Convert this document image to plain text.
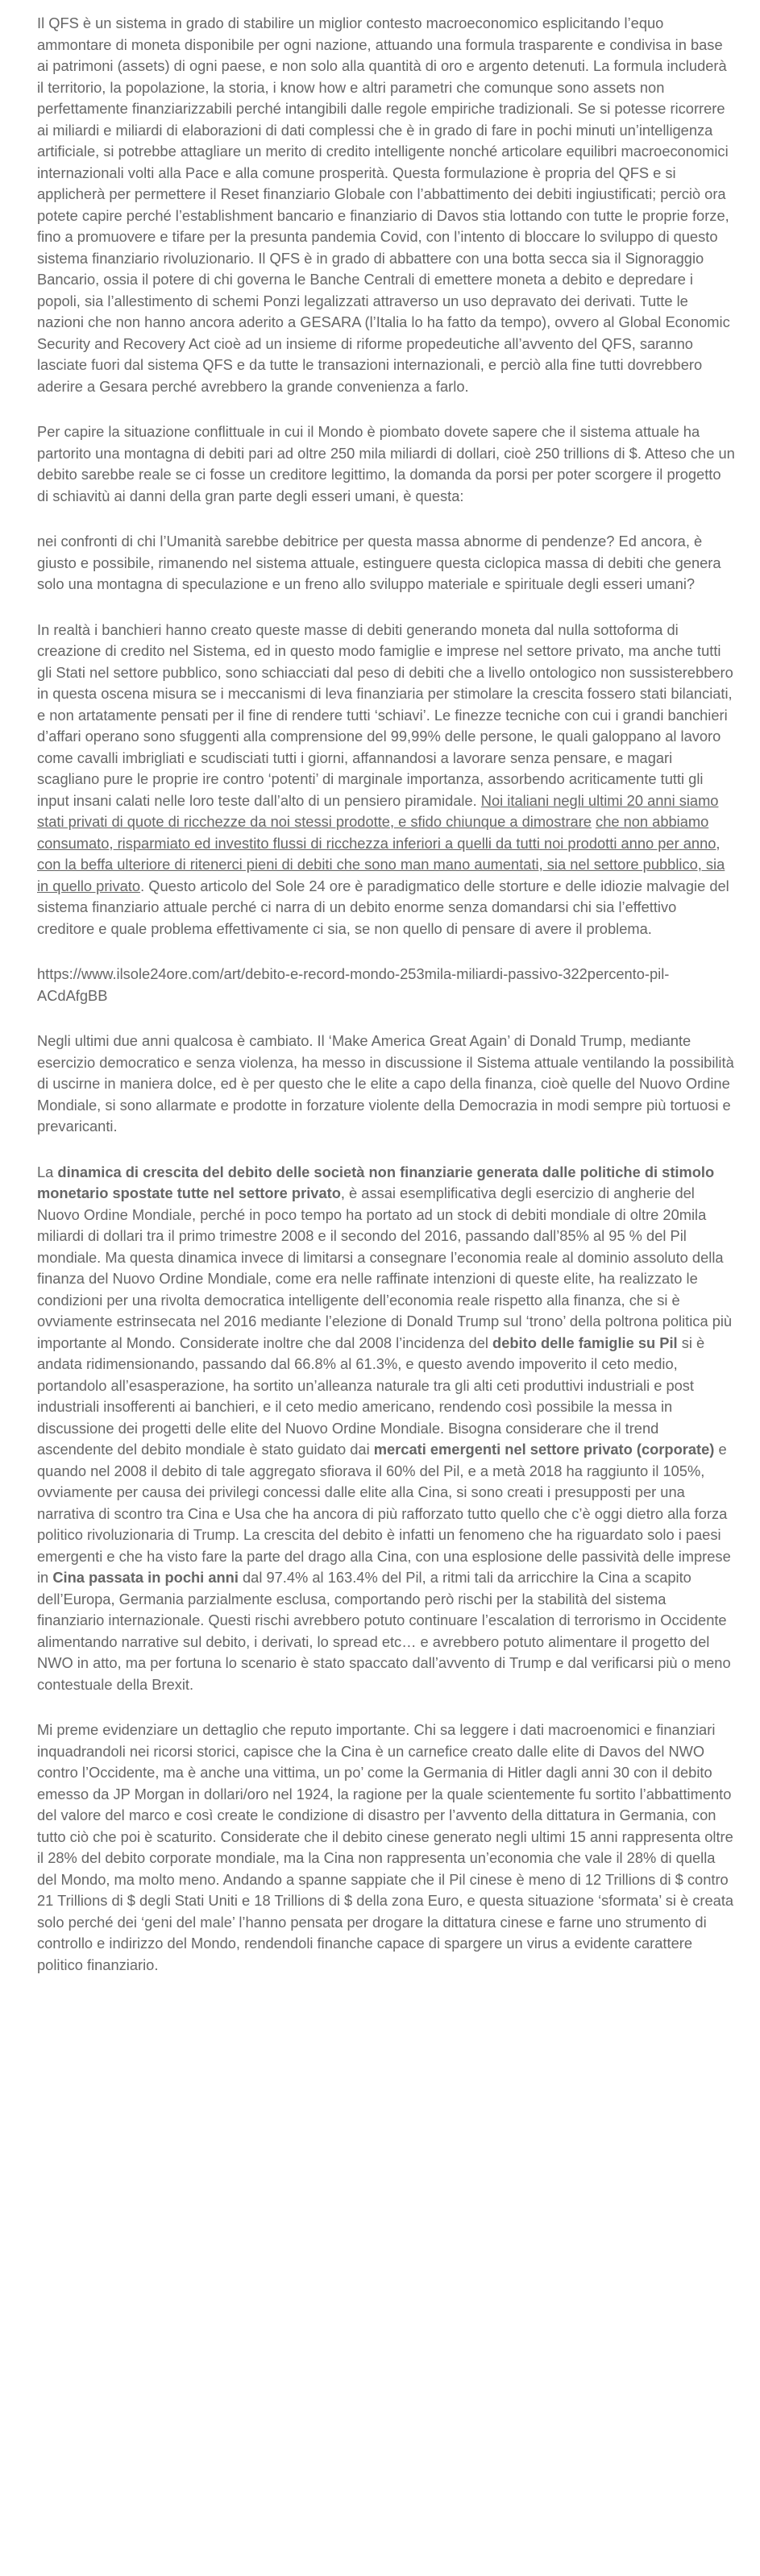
Il QFS è un sistema in grado di stabilire un miglior contesto macroeconomico esplicitando l’equo ammontare di moneta disponibile per ogni nazione, attuando una formula trasparente e condivisa in base ai patrimoni (assets) di ogni paese, e non solo alla quantità di oro e argento detenuti. La formula includerà il territorio, la popolazione, la storia, i know how e altri parametri che comunque sono assets non perfettamente finanziarizzabili perché intangibili dalle regole empiriche tradizionali. Se si potesse ricorrere ai miliardi e miliardi di elaborazioni di dati complessi che è in grado di fare in pochi minuti un’intelligenza artificiale, si potrebbe attagliare un merito di credito intelligente nonché articolare equilibri macroeconomici internazionali volti alla Pace e alla comune prosperità. Questa formulazione è propria del QFS e si applicherà per permettere il Reset finanziario Globale con l’abbattimento dei debiti ingiustificati; perciò ora potete capire perché l’establishment bancario e finanziario di Davos stia lottando con tutte le proprie forze, fino a promuovere e tifare per la presunta pandemia Covid, con l’intento di bloccare lo sviluppo di questo sistema finanziario rivoluzionario. Il QFS è in grado di abbattere con una botta secca sia il Signoraggio Bancario, ossia il potere di chi governa le Banche Centrali di emettere moneta a debito e depredare i popoli, sia l’allestimento di schemi Ponzi legalizzati attraverso un uso depravato dei derivati. Tutte le nazioni che non hanno ancora aderito a GESARA (l’Italia lo ha fatto da tempo), ovvero al Global Economic Security and Recovery Act cioè ad un insieme di riforme propedeutiche all’avvento del QFS, saranno lasciate fuori dal sistema QFS e da tutte le transazioni internazionali, e perciò alla fine tutti dovrebbero aderire a Gesara perché avrebbero la grande convenienza a farlo.

Per capire la situazione conflittuale in cui il Mondo è piombato dovete sapere che il sistema attuale ha partorito una montagna di debiti pari ad oltre 250 mila miliardi di dollari, cioè 250 trillions di $. Atteso che un debito sarebbe reale se ci fosse un creditore legittimo, la domanda da porsi per poter scorgere il progetto di schiavitù ai danni della gran parte degli esseri umani, è questa:

nei confronti di chi l’Umanità sarebbe debitrice per questa massa abnorme di pendenze? Ed ancora, è giusto e possibile, rimanendo nel sistema attuale, estinguere questa ciclopica massa di debiti che genera solo una montagna di speculazione e un freno allo sviluppo materiale e spirituale degli esseri umani?

In realtà i banchieri hanno creato queste masse di debiti generando moneta dal nulla sottoforma di creazione di credito nel Sistema, ed in questo modo famiglie e imprese nel settore privato, ma anche tutti gli Stati nel settore pubblico, sono schiacciati dal peso di debiti che a livello ontologico non sussisterebbero in questa oscena misura se i meccanismi di leva finanziaria per stimolare la crescita fossero stati bilanciati, e non artatamente pensati per il fine di rendere tutti ‘schiavi’. Le finezze tecniche con cui i grandi banchieri d’affari operano sono sfuggenti alla comprensione del 99,99% delle persone, le quali galoppano al lavoro come cavalli imbrigliati e scudisciati tutti i giorni, affannandosi a lavorare senza pensare, e magari scagliano pure le proprie ire contro ‘potenti’ di marginale importanza, assorbendo acriticamente tutti gli input insani calati nelle loro teste dall’alto di un pensiero piramidale. Noi italiani negli ultimi 20 anni siamo stati privati di quote di ricchezze da noi stessi prodotte, e sfido chiunque a dimostrare che non abbiamo consumato, risparmiato ed investito flussi di ricchezza inferiori a quelli da tutti noi prodotti anno per anno, con la beffa ulteriore di ritenerci pieni di debiti che sono man mano aumentati, sia nel settore pubblico, sia in quello privato. Questo articolo del Sole 24 ore è paradigmatico delle storture e delle idiozie malvagie del sistema finanziario attuale perché ci narra di un debito enorme senza domandarsi chi sia l’effettivo creditore e quale problema effettivamente ci sia, se non quello di pensare di avere il problema.

https://www.ilsole24ore.com/art/debito-e-record-mondo-253mila-miliardi-passivo-322percento-pil-ACdAfgBB

Negli ultimi due anni qualcosa è cambiato. Il ‘Make America Great Again’ di Donald Trump, mediante esercizio democratico e senza violenza, ha messo in discussione il Sistema attuale ventilando la possibilità di uscirne in maniera dolce, ed è per questo che le elite a capo della finanza, cioè quelle del Nuovo Ordine Mondiale, si sono allarmate e prodotte in forzature violente della Democrazia in modi sempre più tortuosi e prevaricanti.

La dinamica di crescita del debito delle società non finanziarie generata dalle politiche di stimolo monetario spostate tutte nel settore privato, è assai esemplificativa degli esercizio di angherie del Nuovo Ordine Mondiale, perché in poco tempo ha portato ad un stock di debiti mondiale di oltre 20mila miliardi di dollari tra il primo trimestre 2008 e il secondo del 2016, passando dall’85% al 95 % del Pil mondiale. Ma questa dinamica invece di limitarsi a consegnare l’economia reale al dominio assoluto della finanza del Nuovo Ordine Mondiale, come era nelle raffinate intenzioni di queste elite, ha realizzato le condizioni per una rivolta democratica intelligente dell’economia reale rispetto alla finanza, che si è ovviamente estrinsecata nel 2016 mediante l’elezione di Donald Trump sul ‘trono’ della poltrona politica più importante al Mondo. Considerate inoltre che dal 2008 l’incidenza del debito delle famiglie su Pil si è andata ridimensionando, passando dal 66.8% al 61.3%, e questo avendo impoverito il ceto medio, portandolo all’esasperazione, ha sortito un’alleanza naturale tra gli alti ceti produttivi industriali e post industriali insofferenti ai banchieri, e il ceto medio americano, rendendo così possibile la messa in discussione dei progetti delle elite del Nuovo Ordine Mondiale. Bisogna considerare che il trend ascendente del debito mondiale è stato guidato dai mercati emergenti nel settore privato (corporate) e quando nel 2008 il debito di tale aggregato sfiorava il 60% del Pil, e a metà 2018 ha raggiunto il 105%, ovviamente per causa dei privilegi concessi dalle elite alla Cina, si sono creati i presupposti per una narrativa di scontro tra Cina e Usa che ha ancora di più rafforzato tutto quello che c’è oggi dietro alla forza politico rivoluzionaria di Trump. La crescita del debito è infatti un fenomeno che ha riguardato solo i paesi emergenti e che ha visto fare la parte del drago alla Cina, con una esplosione delle passività delle imprese in Cina passata in pochi anni dal 97.4% al 163.4% del Pil, a ritmi tali da arricchire la Cina a scapito dell’Europa, Germania parzialmente esclusa, comportando però rischi per la stabilità del sistema finanziario internazionale. Questi rischi avrebbero potuto continuare l’escalation di terrorismo in Occidente alimentando narrative sul debito, i derivati, lo spread etc… e avrebbero potuto alimentare il progetto del NWO in atto, ma per fortuna lo scenario è stato spaccato dall’avvento di Trump e dal verificarsi più o meno contestuale della Brexit.

Mi preme evidenziare un dettaglio che reputo importante. Chi sa leggere i dati macroenomici e finanziari inquadrandoli nei ricorsi storici, capisce che la Cina è un carnefice creato dalle elite di Davos del NWO contro l’Occidente, ma è anche una vittima, un po’ come la Germania di Hitler dagli anni 30 con il debito emesso da JP Morgan in dollari/oro nel 1924, la ragione per la quale scientemente fu sortito l’abbattimento del valore del marco e così create le condizione di disastro per l’avvento della dittatura in Germania, con tutto ciò che poi è scaturito. Considerate che il debito cinese generato negli ultimi 15 anni rappresenta oltre il 28% del debito corporate mondiale, ma la Cina non rappresenta un’economia che vale il 28% di quella del Mondo, ma molto meno. Andando a spanne sappiate che il Pil cinese è meno di 12 Trillions di $ contro 21 Trillions di $ degli Stati Uniti e 18 Trillions di $ della zona Euro, e questa situazione ‘sformata’ si è creata solo perché dei ‘geni del male’ l’hanno pensata per drogare la dittatura cinese e farne uno strumento di controllo e indirizzo del Mondo, rendendoli finanche capace di spargere un virus a evidente carattere politico finanziario.
